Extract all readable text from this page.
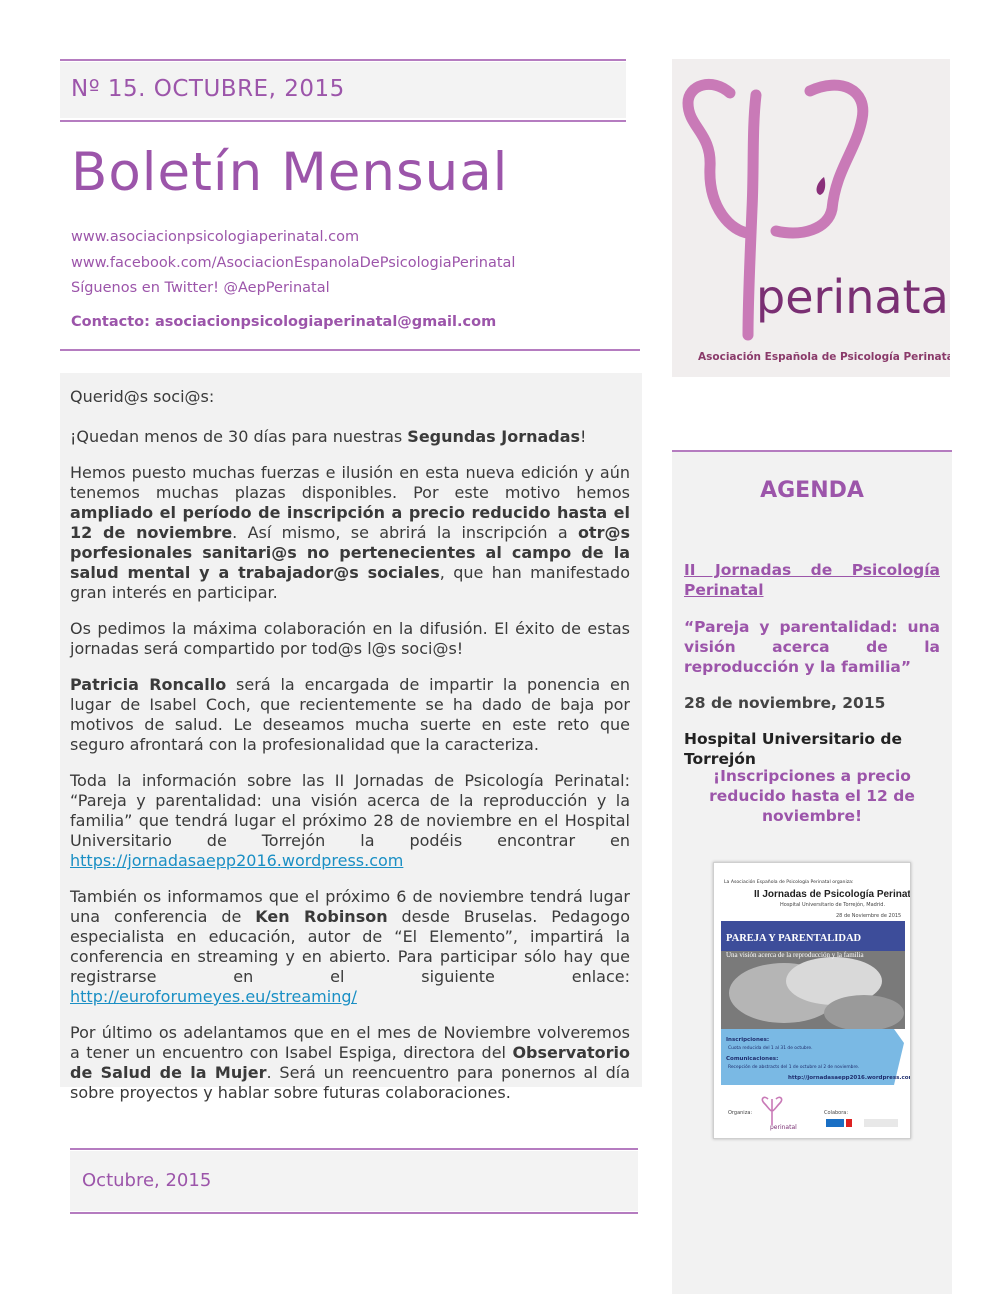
Nº 15. OCTUBRE, 2015
Boletín Mensual
www.asociacionpsicologiaperinatal.com
www.facebook.com/AsociacionEspanolaDePsicologiaPerinatal
Síguenos en Twitter! @AepPerinatal
Contacto: asociacionpsicologiaperinatal@gmail.com

Querid@s soci@s:

¡Quedan menos de 30 días para nuestras Segundas Jornadas!

Hemos puesto muchas fuerzas e ilusión en esta nueva edición y aún tenemos muchas plazas disponibles. Por este motivo hemos ampliado el período de inscripción a precio reducido hasta el 12 de noviembre. Así mismo, se abrirá la inscripción a otr@s porfesionales sanitari@s no pertenecientes al campo de la salud mental y a trabajador@s sociales, que han manifestado gran interés en participar.

Os pedimos la máxima colaboración en la difusión. El éxito de estas jornadas será compartido por tod@s l@s soci@s!

Patricia Roncallo será la encargada de impartir la ponencia en lugar de Isabel Coch, que recientemente se ha dado de baja por motivos de salud. Le deseamos mucha suerte en este reto que seguro afrontará con la profesionalidad que la caracteriza.

Toda la información sobre las II Jornadas de Psicología Perinatal: “Pareja y parentalidad: una visión acerca de la reproducción y la familia” que tendrá lugar el próximo 28 de noviembre en el Hospital Universitario de Torrejón la podéis encontrar en https://jornadasaepp2016.wordpress.com

También os informamos que el próximo 6 de noviembre tendrá lugar una conferencia de Ken Robinson desde Bruselas. Pedagogo especialista en educación, autor de “El Elemento”, impartirá la conferencia en streaming y en abierto. Para participar sólo hay que registrarse en el siguiente enlace: http://euroforumeyes.eu/streaming/

Por último os adelantamos que en el mes de Noviembre volveremos a tener un encuentro con Isabel Espiga, directora del Observatorio de Salud de la Mujer. Será un reencuentro para ponernos al día sobre proyectos y hablar sobre futuras colaboraciones.

Octubre, 2015
perinatal
Asociación Española de Psicología Perinatal
AGENDA
II Jornadas de Psicología Perinatal
“Pareja y parentalidad: una visión acerca de la reproducción y la familia”
28 de noviembre, 2015
Hospital Universitario de Torrejón
¡Inscripciones a precio reducido hasta el 12 de noviembre!
La Asociación Española de Psicología Perinatal organiza:
II Jornadas de Psicología Perinatal
Hospital Universitario de Torrejón, Madrid.
28 de Noviembre de 2015
PAREJA Y PARENTALIDAD
Una visión acerca de la reproducción y la familia
Inscripciones:
Cuota reducida del 1 al 31 de octubre.
Comunicaciones:
Recepción de abstracts del 1 de octubre al 2 de noviembre.
http://jornadasaepp2016.wordpress.com
Organiza:
perinatal
Colabora:
